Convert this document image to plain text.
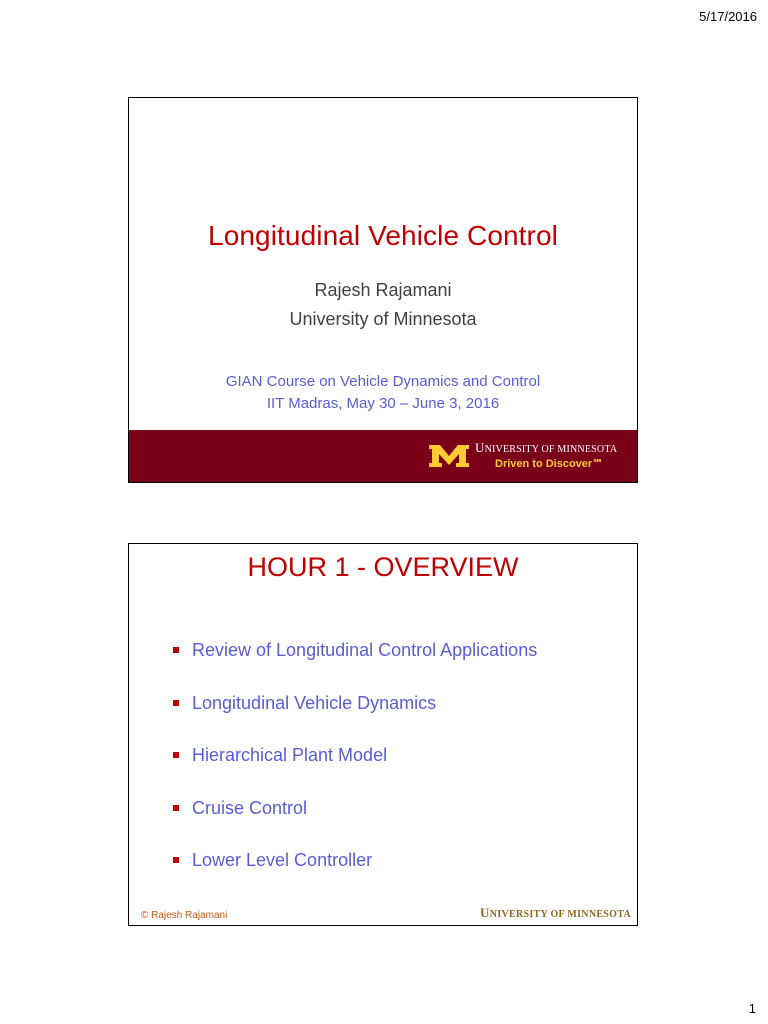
5/17/2016
Longitudinal Vehicle Control
Rajesh Rajamani
University of Minnesota
GIAN Course on Vehicle Dynamics and Control
IIT Madras, May 30 – June 3, 2016
UNIVERSITY OF MINNESOTA
Driven to Discover℠
HOUR 1 - OVERVIEW
Review of Longitudinal Control Applications
Longitudinal Vehicle Dynamics
Hierarchical Plant Model
Cruise Control
Lower Level Controller
© Rajesh Rajamani	UNIVERSITY OF MINNESOTA
1
